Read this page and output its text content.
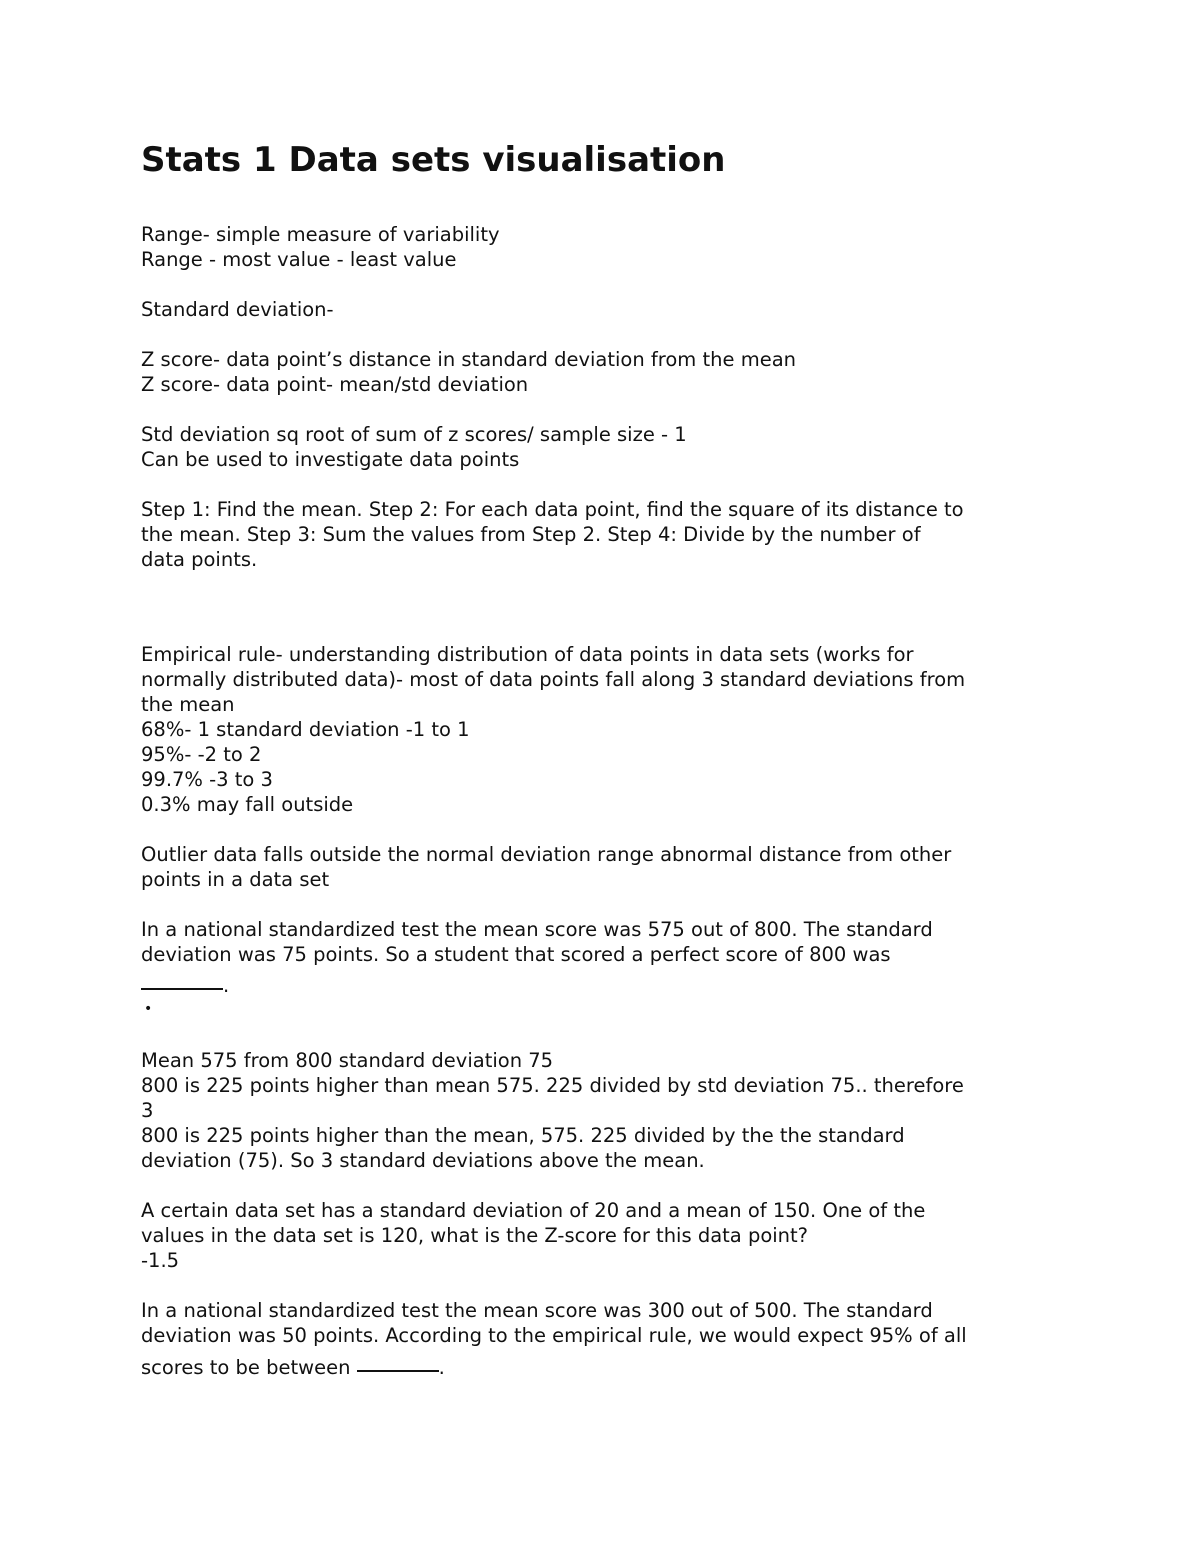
Stats 1 Data sets visualisation
Range- simple measure of variability
Range - most value - least value
Standard deviation-
Z score- data point’s distance in standard deviation from the mean
Z score- data point- mean/std deviation
Std deviation sq root of sum of z scores/ sample size - 1
Can be used to investigate data points
Step 1: Find the mean. Step 2: For each data point, find the square of its distance to
the mean. Step 3: Sum the values from Step 2. Step 4: Divide by the number of
data points.
Empirical rule- understanding distribution of data points in data sets (works for
normally distributed data)- most of data points fall along 3 standard deviations from
the mean
68%- 1 standard deviation -1 to 1
95%- -2 to 2
99.7% -3 to 3
0.3% may fall outside
Outlier data falls outside the normal deviation range abnormal distance from other
points in a data set
In a national standardized test the mean score was 575 out of 800. The standard
deviation was 75 points. So a student that scored a perfect score of 800 was
.
•
Mean 575 from 800 standard deviation 75
800 is 225 points higher than mean 575. 225 divided by std deviation 75.. therefore
3
800 is 225 points higher than the mean, 575. 225 divided by the the standard
deviation (75). So 3 standard deviations above the mean.
A certain data set has a standard deviation of 20 and a mean of 150. One of the
values in the data set is 120, what is the Z-score for this data point?
-1.5
In a national standardized test the mean score was 300 out of 500. The standard
deviation was 50 points. According to the empirical rule, we would expect 95% of all
scores to be between	.
